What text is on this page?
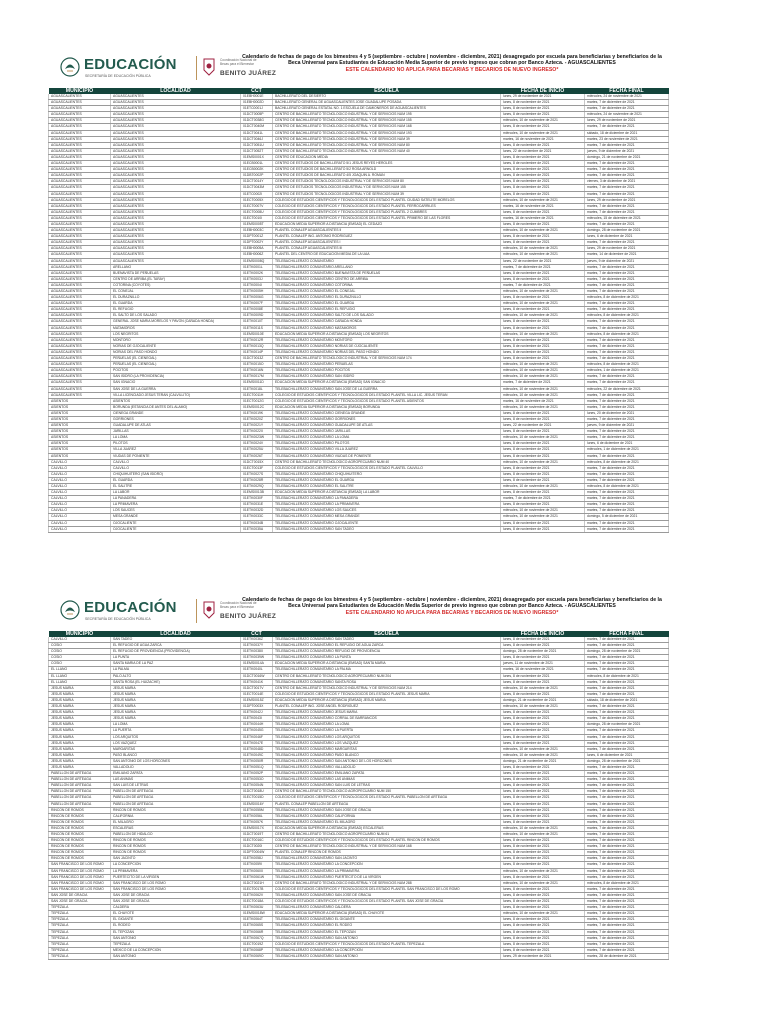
EDUCACIÓN
SECRETARÍA DE EDUCACIÓN PÚBLICA
Coordinación Nacional de Becas para el Bienestar
BENITO JUÁREZ
Calendario de fechas de pago de los bimestres 4 y 5 (septiembre - octubre | noviembre - diciembre, 2021) desagregado por escuela para beneficiarias y beneficiarios de la Beca Universal para Estudiantes de Educación Media Superior de previo ingreso que cobran por Banco Azteca. - AGUASCALIENTES
ESTE CALENDARIO NO APLICA PARA BECARIAS Y BECARIOS DE NUEVO INGRESO*
MUNICIPIO	LOCALIDAD	CCT	ESCUELA	FECHA DE INICIO	FECHA FINAL
AGUASCALIENTES	AGUASCALIENTES	01EBH0001E	BACHILLERATO DEL DESIERTO	lunes, 29 de noviembre de 2021	miércoles, 24 de noviembre de 2021
AGUASCALIENTES	AGUASCALIENTES	01EBH0002D	BACHILLERATO GENERAL DE AGUASCALIENTES JOSE GUADALUPE POSADA	lunes, 8 de noviembre de 2021	martes, 7 de diciembre de 2021
AGUASCALIENTES	AGUASCALIENTES	01ETC0001J	BACHILLERATO GENERAL ESTATAL NO. 1 ESCUELA DE CAMIONEROS DE AGUASCALIENTES	lunes, 8 de noviembre de 2021	martes, 7 de diciembre de 2021
AGUASCALIENTES	AGUASCALIENTES	01DCT0005P	CENTRO DE BACHILLERATO TECNOLOGICO INDUSTRIAL Y DE SERVICIOS NUM 195	lunes, 8 de noviembre de 2021	miércoles, 24 de noviembre de 2021
AGUASCALIENTES	AGUASCALIENTES	01DCT0038G	CENTRO DE BACHILLERATO TECNOLOGICO INDUSTRIAL Y DE SERVICIOS NUM 155	miércoles, 10 de noviembre de 2021	lunes, 29 de noviembre de 2021
AGUASCALIENTES	AGUASCALIENTES	01DCT0040M	CENTRO DE BACHILLERATO TECNOLOGICO INDUSTRIAL Y DE SERVICIOS NUM 168	lunes, 8 de noviembre de 2021	martes, 7 de diciembre de 2021
AGUASCALIENTES	AGUASCALIENTES	01DCT0041L	CENTRO DE BACHILLERATO TECNOLOGICO INDUSTRIAL Y DE SERVICIOS NUM 193	miércoles, 10 de noviembre de 2021	sábado, 18 de diciembre de 2021
AGUASCALIENTES	AGUASCALIENTES	01DCT0046J	CENTRO DE BACHILLERATO TECNOLOGICO INDUSTRIAL Y DE SERVICIOS NUM 39	martes, 16 de noviembre de 2021	martes, 23 de noviembre de 2021
AGUASCALIENTES	AGUASCALIENTES	01DCT0051U	CENTRO DE BACHILLERATO TECNOLOGICO INDUSTRIAL Y DE SERVICIOS NUM 80	lunes, 8 de noviembre de 2021	martes, 7 de diciembre de 2021
AGUASCALIENTES	AGUASCALIENTES	01DCT0052T	CENTRO DE BACHILLERATO TECNOLOGICO INDUSTRIAL Y DE SERVICIOS NUM 40	lunes, 22 de noviembre de 2021	jueves, 9 de diciembre de 2021
AGUASCALIENTES	AGUASCALIENTES	01EMS0001X	CENTRO DE EDUCACION MEDIA	lunes, 8 de noviembre de 2021	domingo, 21 de noviembre de 2021
AGUASCALIENTES	AGUASCALIENTES	01ECB0001L	CENTRO DE ESTUDIOS DE BACHILLERATO 5/1 JESUS REYES HEROLES	lunes, 8 de noviembre de 2021	martes, 7 de diciembre de 2021
AGUASCALIENTES	AGUASCALIENTES	01ECB0002K	CENTRO DE ESTUDIOS DE BACHILLERATO 5/2 ROSA ARNOLD	lunes, 8 de noviembre de 2021	martes, 7 de diciembre de 2021
AGUASCALIENTES	AGUASCALIENTES	01DBT0002P	CENTRO DE ESTUDIOS DE BACHILLERATO 4/5 JOAQUIN A. ROMAN	lunes, 8 de noviembre de 2021	martes, 7 de diciembre de 2021
AGUASCALIENTES	AGUASCALIENTES	01DCT0014Y	CENTRO DE ESTUDIOS TECNOLOGICOS INDUSTRIAL Y DE SERVICIOS NUM 80	lunes, 8 de noviembre de 2021	viernes, 3 de diciembre de 2021
AGUASCALIENTES	AGUASCALIENTES	01DCT0043M	CENTRO DE ESTUDIOS TECNOLOGICOS INDUSTRIAL Y DE SERVICIOS NUM 155	lunes, 8 de noviembre de 2021	martes, 7 de diciembre de 2021
AGUASCALIENTES	AGUASCALIENTES	01ETC0002I	CENTRO DE ESTUDIOS TECNOLOGICOS INDUSTRIAL Y DE SERVICIOS NUM 39	lunes, 8 de noviembre de 2021	martes, 7 de diciembre de 2021
AGUASCALIENTES	AGUASCALIENTES	01ECT0005X	COLEGIO DE ESTUDIOS CIENTIFICOS Y TECNOLOGICOS DEL ESTADO PLANTEL CIUDAD SATELITE MORELOS	miércoles, 10 de noviembre de 2021	lunes, 29 de noviembre de 2021
AGUASCALIENTES	AGUASCALIENTES	01ECT0007V	COLEGIO DE ESTUDIOS CIENTIFICOS Y TECNOLOGICOS DEL ESTADO PLANTEL FERROCARRILES	martes, 16 de noviembre de 2021	martes, 7 de diciembre de 2021
AGUASCALIENTES	AGUASCALIENTES	01ECT0008U	COLEGIO DE ESTUDIOS CIENTIFICOS Y TECNOLOGICOS DEL ESTADO PLANTEL 2 CUMBRES	lunes, 8 de noviembre de 2021	martes, 7 de diciembre de 2021
AGUASCALIENTES	AGUASCALIENTES	01ECT0010I	COLEGIO DE ESTUDIOS CIENTIFICOS Y TECNOLOGICOS DEL ESTADO PLANTEL PRIMERO DE LAS FLORES	martes, 16 de noviembre de 2021	miércoles, 15 de diciembre de 2021
AGUASCALIENTES	AGUASCALIENTES	01EMS0005T	EDUCACION MEDIA SUPERIOR A DISTANCIA (EMSAD) EL CEDAZO	lunes, 8 de noviembre de 2021	martes, 7 de diciembre de 2021
AGUASCALIENTES	AGUASCALIENTES	01EBH0003C	PLANTEL CONALEP AGUASCALIENTES II	miércoles, 10 de noviembre de 2021	domingo, 28 de noviembre de 2021
AGUASCALIENTES	AGUASCALIENTES	01DPT0001Z	PLANTEL CONALEP ING. ANTONIO RODRIGUEZ	lunes, 8 de noviembre de 2021	lunes, 6 de diciembre de 2021
AGUASCALIENTES	AGUASCALIENTES	01DPT0002Y	PLANTEL CONALEP AGUASCALIENTES I	lunes, 8 de noviembre de 2021	martes, 7 de diciembre de 2021
AGUASCALIENTES	AGUASCALIENTES	01EBH0005A	PLANTEL CONALEP AGUASCALIENTES III	miércoles, 10 de noviembre de 2021	lunes, 29 de noviembre de 2021
AGUASCALIENTES	AGUASCALIENTES	01EBH0006Z	PLANTEL DEL CENTRO DE EDUCACION MEDIA DE LA UAA	miércoles, 10 de noviembre de 2021	martes, 14 de diciembre de 2021
AGUASCALIENTES	AGUASCALIENTES	01EMS0008Q	TELEBACHILLERATO COMUNITARIO	lunes, 22 de noviembre de 2021	jueves, 9 de diciembre de 2021
AGUASCALIENTES	ARELLANO	01ETK0001L	TELEBACHILLERATO COMUNITARIO ARELLANO	martes, 7 de diciembre de 2021	martes, 7 de diciembre de 2021
AGUASCALIENTES	BUENAVISTA DE PEÑUELAS	01ETK0002K	TELEBACHILLERATO COMUNITARIO BUENAVISTA DE PEÑUELAS	lunes, 8 de noviembre de 2021	martes, 7 de diciembre de 2021
AGUASCALIENTES	CENTRO DE ARRIBA (EL TARAY)	01ETK0003J	TELEBACHILLERATO COMUNITARIO CENTRO DE ARRIBA	lunes, 8 de noviembre de 2021	martes, 7 de diciembre de 2021
AGUASCALIENTES	COTORINA (COYOTES)	01ETK0004I	TELEBACHILLERATO COMUNITARIO COTORINA	martes, 7 de diciembre de 2021	martes, 7 de diciembre de 2021
AGUASCALIENTES	EL CONEJAL	01ETK0005H	TELEBACHILLERATO COMUNITARIO EL CONEJAL	miércoles, 10 de noviembre de 2021	martes, 7 de diciembre de 2021
AGUASCALIENTES	EL DURAZNILLO	01ETK0006G	TELEBACHILLERATO COMUNITARIO EL DURAZNILLO	lunes, 8 de noviembre de 2021	miércoles, 8 de diciembre de 2021
AGUASCALIENTES	EL GUARDA	01ETK0007F	TELEBACHILLERATO COMUNITARIO EL GUARDA	miércoles, 10 de noviembre de 2021	martes, 7 de diciembre de 2021
AGUASCALIENTES	EL REFUGIO	01ETK0008E	TELEBACHILLERATO COMUNITARIO EL REFUGIO	lunes, 8 de noviembre de 2021	martes, 7 de diciembre de 2021
AGUASCALIENTES	EL SALTO DE LOS SALADO	01ETK0009D	TELEBACHILLERATO COMUNITARIO SALTO DE LOS SALADO	miércoles, 10 de noviembre de 2021	miércoles, 8 de diciembre de 2021
AGUASCALIENTES	GENERAL JOSE MARIA MORELOS Y PAVON (CAÑADA HONDA)	01ETK0010T	TELEBACHILLERATO COMUNITARIO CAÑADA HONDA	lunes, 8 de noviembre de 2021	martes, 7 de diciembre de 2021
AGUASCALIENTES	MATAMOROS	01ETK0011S	TELEBACHILLERATO COMUNITARIO MATAMOROS	lunes, 8 de noviembre de 2021	martes, 7 de diciembre de 2021
AGUASCALIENTES	LOS NEGRITOS	01EMS0010E	EDUCACION MEDIA SUPERIOR A DISTANCIA (EMSAD) LOS NEGRITOS	miércoles, 10 de noviembre de 2021	miércoles, 8 de diciembre de 2021
AGUASCALIENTES	MONTORO	01ETK0012R	TELEBACHILLERATO COMUNITARIO MONTORO	lunes, 8 de noviembre de 2021	martes, 7 de diciembre de 2021
AGUASCALIENTES	NORIAS DE OJOCALIENTE	01ETK0013Q	TELEBACHILLERATO COMUNITARIO NORIAS DE OJOCALIENTE	lunes, 8 de noviembre de 2021	martes, 7 de diciembre de 2021
AGUASCALIENTES	NORIAS DEL PASO HONDO	01ETK0014P	TELEBACHILLERATO COMUNITARIO NORIAS DEL PASO HONDO	lunes, 8 de noviembre de 2021	martes, 7 de diciembre de 2021
AGUASCALIENTES	PEÑUELAS (EL CIENEGAL)	01DCT0013Z	CENTRO DE BACHILLERATO TECNOLOGICO INDUSTRIAL Y DE SERVICIOS NUM 174	lunes, 8 de noviembre de 2021	martes, 7 de diciembre de 2021
AGUASCALIENTES	PEÑUELAS (EL CIENEGAL)	01ETK0015O	TELEBACHILLERATO COMUNITARIO PEÑUELAS	miércoles, 10 de noviembre de 2021	miércoles, 8 de diciembre de 2021
AGUASCALIENTES	POCITOS	01ETK0016N	TELEBACHILLERATO COMUNITARIO POCITOS	miércoles, 10 de noviembre de 2021	miércoles, 1 de diciembre de 2021
AGUASCALIENTES	SAN ISIDRO (LA PROVIDENCIA)	01ETK0017M	TELEBACHILLERATO COMUNITARIO SAN ISIDRO	miércoles, 10 de noviembre de 2021	martes, 7 de diciembre de 2021
AGUASCALIENTES	SAN IGNACIO	01EMS0011D	EDUCACION MEDIA SUPERIOR A DISTANCIA (EMSAD) SAN IGNACIO	martes, 7 de diciembre de 2021	martes, 7 de diciembre de 2021
AGUASCALIENTES	SAN JOSE DE LA GUERRA	01ETK0018L	TELEBACHILLERATO COMUNITARIO SAN JOSE DE LA GUERRA	miércoles, 10 de noviembre de 2021	miércoles, 22 de diciembre de 2021
AGUASCALIENTES	VILLA LICENCIADO JESUS TERAN (CALVILLITO)	01ECT0011H	COLEGIO DE ESTUDIOS CIENTIFICOS Y TECNOLOGICOS DEL ESTADO PLANTEL VILLA LIC. JESUS TERAN	miércoles, 10 de noviembre de 2021	martes, 7 de diciembre de 2021
ASIENTOS	ASIENTOS	01ECT0012G	COLEGIO DE ESTUDIOS CIENTIFICOS Y TECNOLOGICOS DEL ESTADO PLANTEL ASIENTOS	martes, 16 de noviembre de 2021	martes, 7 de diciembre de 2021
ASIENTOS	BORUNDA (ESTANCIA DE ANTES DEL ALAMO)	01EMS0012C	EDUCACION MEDIA SUPERIOR A DISTANCIA (EMSAD) BORUNDA	miércoles, 10 de noviembre de 2021	martes, 7 de diciembre de 2021
ASIENTOS	CIENEGA GRANDE	01ETK0019K	TELEBACHILLERATO COMUNITARIO CIENEGA GRANDE	lunes, 8 de noviembre de 2021	lunes, 20 de diciembre de 2021
ASIENTOS	GORRIONES	01ETK0020Z	TELEBACHILLERATO COMUNITARIO GORRIONES	lunes, 8 de noviembre de 2021	martes, 7 de diciembre de 2021
ASIENTOS	GUADALUPE DE ATLAS	01ETK0021Y	TELEBACHILLERATO COMUNITARIO GUADALUPE DE ATLAS	lunes, 22 de noviembre de 2021	jueves, 9 de diciembre de 2021
ASIENTOS	JARILLAS	01ETK0022X	TELEBACHILLERATO COMUNITARIO JARILLAS	lunes, 8 de noviembre de 2021	martes, 7 de diciembre de 2021
ASIENTOS	LA LOMA	01ETK0023W	TELEBACHILLERATO COMUNITARIO LA LOMA	miércoles, 10 de noviembre de 2021	martes, 7 de diciembre de 2021
ASIENTOS	PILOTOS	01ETK0024V	TELEBACHILLERATO COMUNITARIO PILOTOS	lunes, 8 de noviembre de 2021	lunes, 6 de diciembre de 2021
ASIENTOS	VILLA JUAREZ	01ETK0025U	TELEBACHILLERATO COMUNITARIO VILLA JUAREZ	lunes, 8 de noviembre de 2021	miércoles, 1 de diciembre de 2021
ASIENTOS	VIUDAS DE PONIENTE	01ETK0026T	TELEBACHILLERATO COMUNITARIO VIUDAS DE PONIENTE	lunes, 8 de noviembre de 2021	martes, 7 de diciembre de 2021
CALVILLO	CALVILLO	01DCT0015X	CENTRO DE BACHILLERATO TECNOLOGICO AGROPECUARIO NUM 40	miércoles, 10 de noviembre de 2021	miércoles, 8 de diciembre de 2021
CALVILLO	CALVILLO	01ECT0013F	COLEGIO DE ESTUDIOS CIENTIFICOS Y TECNOLOGICOS DEL ESTADO PLANTEL CALVILLO	lunes, 8 de noviembre de 2021	martes, 7 de diciembre de 2021
CALVILLO	CHIQUIHUITERO (SAN ISIDRO)	01ETK0027S	TELEBACHILLERATO COMUNITARIO CHIQUIHUITERO	lunes, 8 de noviembre de 2021	martes, 7 de diciembre de 2021
CALVILLO	EL GUARDA	01ETK0028R	TELEBACHILLERATO COMUNITARIO EL GUARDA	lunes, 8 de noviembre de 2021	martes, 7 de diciembre de 2021
CALVILLO	EL SALITRE	01ETK0029Q	TELEBACHILLERATO COMUNITARIO EL SALITRE	miércoles, 10 de noviembre de 2021	miércoles, 8 de diciembre de 2021
CALVILLO	LA LABOR	01EMS0013B	EDUCACION MEDIA SUPERIOR A DISTANCIA (EMSAD) LA LABOR	lunes, 8 de noviembre de 2021	martes, 7 de diciembre de 2021
CALVILLO	LA PANADERA	01ETK0030F	TELEBACHILLERATO COMUNITARIO LA PANADERA	martes, 7 de diciembre de 2021	martes, 7 de diciembre de 2021
CALVILLO	LA PRIMAVERA	01ETK0031E	TELEBACHILLERATO COMUNITARIO LA PRIMAVERA	lunes, 8 de noviembre de 2021	martes, 7 de diciembre de 2021
CALVILLO	LOS SAUCES	01ETK0032D	TELEBACHILLERATO COMUNITARIO LOS SAUCES	miércoles, 10 de noviembre de 2021	martes, 7 de diciembre de 2021
CALVILLO	MESA GRANDE	01ETK0033C	TELEBACHILLERATO COMUNITARIO MESA GRANDE	miércoles, 10 de noviembre de 2021	domingo, 5 de diciembre de 2021
CALVILLO	OJOCALIENTE	01ETK0034B	TELEBACHILLERATO COMUNITARIO OJOCALIENTE	lunes, 8 de noviembre de 2021	martes, 7 de diciembre de 2021
CALVILLO	OJOCALIENTE	01ETK0035A	TELEBACHILLERATO COMUNITARIO SAN TADEO	lunes, 8 de noviembre de 2021	martes, 7 de diciembre de 2021
EDUCACIÓN
SECRETARÍA DE EDUCACIÓN PÚBLICA
Coordinación Nacional de Becas para el Bienestar
BENITO JUÁREZ
Calendario de fechas de pago de los bimestres 4 y 5 (septiembre - octubre | noviembre - diciembre, 2021) desagregado por escuela para beneficiarias y beneficiarios de la Beca Universal para Estudiantes de Educación Media Superior de previo ingreso que cobran por Banco Azteca. - AGUASCALIENTES
ESTE CALENDARIO NO APLICA PARA BECARIAS Y BECARIOS DE NUEVO INGRESO*
MUNICIPIO	LOCALIDAD	CCT	ESCUELA	FECHA DE INICIO	FECHA FINAL
CALVILLO	SAN TADEO	01ETK0036Z	TELEBACHILLERATO COMUNITARIO SAN TADEO	lunes, 8 de noviembre de 2021	martes, 7 de diciembre de 2021
COSIO	EL REFUGIO DE AGUA ZARCA	01ETK0037Y	TELEBACHILLERATO COMUNITARIO EL REFUGIO DE AGUA ZARCA	lunes, 8 de noviembre de 2021	martes, 7 de diciembre de 2021
COSIO	EL REFUGIO DE PROVIDENCIA (PROVIDENCIA)	01ETK0038X	TELEBACHILLERATO COMUNITARIO REFUGIO DE PROVIDENCIA	domingo, 28 de noviembre de 2021	domingo, 28 de noviembre de 2021
COSIO	LA PUNTA	01ETK0039W	TELEBACHILLERATO COMUNITARIO LA PUNTA	lunes, 8 de noviembre de 2021	martes, 7 de diciembre de 2021
COSIO	SANTA MARIA DE LA PAZ	01EMS0014A	EDUCACION MEDIA SUPERIOR A DISTANCIA (EMSAD) SANTA MARIA	jueves, 11 de noviembre de 2021	martes, 7 de diciembre de 2021
EL LLANO	LA PALMA	01ETK0040L	TELEBACHILLERATO COMUNITARIO LA PALMA	martes, 16 de noviembre de 2021	martes, 7 de diciembre de 2021
EL LLANO	PALO ALTO	01DCT0016W	CENTRO DE BACHILLERATO TECNOLOGICO AGROPECUARIO NUM 204	lunes, 8 de noviembre de 2021	miércoles, 8 de diciembre de 2021
EL LLANO	SANTA ROSA (EL HUIZACHE)	01ETK0041K	TELEBACHILLERATO COMUNITARIO SANTA ROSA	lunes, 8 de noviembre de 2021	martes, 7 de diciembre de 2021
JESUS MARIA	JESUS MARIA	01DCT0017V	CENTRO DE BACHILLERATO TECNOLOGICO INDUSTRIAL Y DE SERVICIOS NUM 214	miércoles, 10 de noviembre de 2021	martes, 7 de diciembre de 2021
JESUS MARIA	JESUS MARIA	01ECT0014E	COLEGIO DE ESTUDIOS CIENTIFICOS Y TECNOLOGICOS DEL ESTADO PLANTEL JESUS MARIA	lunes, 8 de noviembre de 2021	martes, 7 de diciembre de 2021
JESUS MARIA	JESUS MARIA	01EMS0015Z	EDUCACION MEDIA SUPERIOR A DISTANCIA (EMSAD) JESUS MARIA	domingo, 21 de noviembre de 2021	sábado, 18 de diciembre de 2021
JESUS MARIA	JESUS MARIA	01DPT0003X	PLANTEL CONALEP ING. JOSE ANGEL RODRIGUEZ	miércoles, 10 de noviembre de 2021	martes, 7 de diciembre de 2021
JESUS MARIA	JESUS MARIA	01ETK0042J	TELEBACHILLERATO COMUNITARIO JESUS MARIA	lunes, 8 de noviembre de 2021	martes, 7 de diciembre de 2021
JESUS MARIA	JESUS MARIA	01ETK0043I	TELEBACHILLERATO COMUNITARIO CORRAL DE BARRANCOS	lunes, 8 de noviembre de 2021	martes, 7 de diciembre de 2021
JESUS MARIA	LA LOMA	01ETK0044H	TELEBACHILLERATO COMUNITARIO LA LOMA	lunes, 8 de noviembre de 2021	domingo, 28 de noviembre de 2021
JESUS MARIA	LA PUERTA	01ETK0045G	TELEBACHILLERATO COMUNITARIO LA PUERTA	lunes, 8 de noviembre de 2021	martes, 7 de diciembre de 2021
JESUS MARIA	LOS ARQUITOS	01ETK0046F	TELEBACHILLERATO COMUNITARIO LOS ARQUITOS	lunes, 8 de noviembre de 2021	martes, 7 de diciembre de 2021
JESUS MARIA	LOS VAZQUEZ	01ETK0047E	TELEBACHILLERATO COMUNITARIO LOS VAZQUEZ	lunes, 8 de noviembre de 2021	martes, 7 de diciembre de 2021
JESUS MARIA	MARGARITAS	01ETK0048D	TELEBACHILLERATO COMUNITARIO MARGARITAS	miércoles, 10 de noviembre de 2021	martes, 7 de diciembre de 2021
JESUS MARIA	PASO BLANCO	01ETK0049C	TELEBACHILLERATO COMUNITARIO PASO BLANCO	miércoles, 10 de noviembre de 2021	lunes, 6 de diciembre de 2021
JESUS MARIA	SAN ANTONIO DE LOS HORCONES	01ETK0050R	TELEBACHILLERATO COMUNITARIO SAN ANTONIO DE LOS HORCONES	domingo, 21 de noviembre de 2021	domingo, 28 de noviembre de 2021
JESUS MARIA	VALLADOLID	01ETK0051Q	TELEBACHILLERATO COMUNITARIO VALLADOLID	lunes, 8 de noviembre de 2021	martes, 7 de diciembre de 2021
PABELLON DE ARTEAGA	EMILIANO ZAPATA	01ETK0052P	TELEBACHILLERATO COMUNITARIO EMILIANO ZAPATA	lunes, 8 de noviembre de 2021	martes, 7 de diciembre de 2021
PABELLON DE ARTEAGA	LAS ANIMAS	01ETK0053O	TELEBACHILLERATO COMUNITARIO LAS ANIMAS	lunes, 8 de noviembre de 2021	martes, 7 de diciembre de 2021
PABELLON DE ARTEAGA	SAN LUIS DE LETRAS	01ETK0054N	TELEBACHILLERATO COMUNITARIO SAN LUIS DE LETRAS	lunes, 8 de noviembre de 2021	martes, 7 de diciembre de 2021
PABELLON DE ARTEAGA	PABELLON DE ARTEAGA	01DCT0018U	CENTRO DE BACHILLERATO TECNOLOGICO AGROPECUARIO NUM 150	lunes, 8 de noviembre de 2021	martes, 7 de diciembre de 2021
PABELLON DE ARTEAGA	PABELLON DE ARTEAGA	01ECT0015D	COLEGIO DE ESTUDIOS CIENTIFICOS Y TECNOLOGICOS DEL ESTADO PLANTEL PABELLON DE ARTEAGA	lunes, 8 de noviembre de 2021	martes, 7 de diciembre de 2021
PABELLON DE ARTEAGA	PABELLON DE ARTEAGA	01EMS0016Y	PLANTEL CONALEP PABELLON DE ARTEAGA	lunes, 8 de noviembre de 2021	martes, 7 de diciembre de 2021
RINCON DE ROMOS	RINCON DE ROMOS	01ETK0055M	TELEBACHILLERATO COMUNITARIO SAN JOSE DE GRACIA	lunes, 8 de noviembre de 2021	martes, 7 de diciembre de 2021
RINCON DE ROMOS	CALIFORNIA	01ETK0056L	TELEBACHILLERATO COMUNITARIO CALIFORNIA	lunes, 8 de noviembre de 2021	martes, 7 de diciembre de 2021
RINCON DE ROMOS	EL MILAGRO	01ETK0057K	TELEBACHILLERATO COMUNITARIO EL MILAGRO	lunes, 8 de noviembre de 2021	martes, 7 de diciembre de 2021
RINCON DE ROMOS	ESCALERAS	01EMS0017X	EDUCACION MEDIA SUPERIOR A DISTANCIA (EMSAD) ESCALERAS	miércoles, 10 de noviembre de 2021	martes, 7 de diciembre de 2021
RINCON DE ROMOS	PABELLON DE HIDALGO	01DCT0019T	CENTRO DE BACHILLERATO TECNOLOGICO AGROPECUARIO NUM 61	miércoles, 10 de noviembre de 2021	martes, 7 de diciembre de 2021
RINCON DE ROMOS	RINCON DE ROMOS	01ECT0016C	COLEGIO DE ESTUDIOS CIENTIFICOS Y TECNOLOGICOS DEL ESTADO PLANTEL RINCON DE ROMOS	lunes, 8 de noviembre de 2021	martes, 7 de diciembre de 2021
RINCON DE ROMOS	RINCON DE ROMOS	01DCT0020I	CENTRO DE BACHILLERATO TECNOLOGICO INDUSTRIAL Y DE SERVICIOS NUM 168	lunes, 8 de noviembre de 2021	martes, 7 de diciembre de 2021
RINCON DE ROMOS	RINCON DE ROMOS	01DPT0004W	PLANTEL CONALEP RINCON DE ROMOS	lunes, 8 de noviembre de 2021	martes, 7 de diciembre de 2021
RINCON DE ROMOS	SAN JACINTO	01ETK0058J	TELEBACHILLERATO COMUNITARIO SAN JACINTO	lunes, 8 de noviembre de 2021	martes, 7 de diciembre de 2021
SAN FRANCISCO DE LOS ROMO	LA CONCEPCION	01ETK0059I	TELEBACHILLERATO COMUNITARIO LA CONCEPCION	lunes, 8 de noviembre de 2021	martes, 7 de diciembre de 2021
SAN FRANCISCO DE LOS ROMO	LA PRIMAVERA	01ETK0060X	TELEBACHILLERATO COMUNITARIO LA PRIMAVERA	miércoles, 10 de noviembre de 2021	martes, 7 de diciembre de 2021
SAN FRANCISCO DE LOS ROMO	PUERTECITO DE LA VIRGEN	01ETK0061W	TELEBACHILLERATO COMUNITARIO PUERTECITO DE LA VIRGEN	lunes, 8 de noviembre de 2021	martes, 7 de diciembre de 2021
SAN FRANCISCO DE LOS ROMO	SAN FRANCISCO DE LOS ROMO	01DCT0021H	CENTRO DE BACHILLERATO TECNOLOGICO INDUSTRIAL Y DE SERVICIOS NUM 288	miércoles, 10 de noviembre de 2021	miércoles, 8 de diciembre de 2021
SAN FRANCISCO DE LOS ROMO	SAN FRANCISCO DE LOS ROMO	01ECT0017B	COLEGIO DE ESTUDIOS CIENTIFICOS Y TECNOLOGICOS DEL ESTADO PLANTEL SAN FRANCISCO DE LOS ROMO	lunes, 8 de noviembre de 2021	martes, 7 de diciembre de 2021
SAN JOSE DE GRACIA	SAN JOSE DE GRACIA	01ETK0062V	TELEBACHILLERATO COMUNITARIO SAN JOSE DE GRACIA	lunes, 8 de noviembre de 2021	martes, 7 de diciembre de 2021
SAN JOSE DE GRACIA	SAN JOSE DE GRACIA	01ECT0018A	COLEGIO DE ESTUDIOS CIENTIFICOS Y TECNOLOGICOS DEL ESTADO PLANTEL SAN JOSE DE GRACIA	lunes, 8 de noviembre de 2021	martes, 7 de diciembre de 2021
TEPEZALA	CALDERA	01ETK0063U	TELEBACHILLERATO COMUNITARIO CALDERA	lunes, 8 de noviembre de 2021	martes, 7 de diciembre de 2021
TEPEZALA	EL CHAYOTE	01EMS0018W	EDUCACION MEDIA SUPERIOR A DISTANCIA (EMSAD) EL CHAYOTE	miércoles, 10 de noviembre de 2021	martes, 7 de diciembre de 2021
TEPEZALA	EL GIGANTE	01ETK0064T	TELEBACHILLERATO COMUNITARIO EL GIGANTE	lunes, 8 de noviembre de 2021	martes, 7 de diciembre de 2021
TEPEZALA	EL RODEO	01ETK0065S	TELEBACHILLERATO COMUNITARIO EL RODEO	lunes, 8 de noviembre de 2021	martes, 7 de diciembre de 2021
TEPEZALA	EL TEPOZAN	01ETK0066R	TELEBACHILLERATO COMUNITARIO EL TEPOZAN	lunes, 8 de noviembre de 2021	martes, 7 de diciembre de 2021
TEPEZALA	SAN ANTONIO	01ETK0067Q	TELEBACHILLERATO COMUNITARIO SAN ANTONIO	lunes, 8 de noviembre de 2021	martes, 7 de diciembre de 2021
TEPEZALA	TEPEZALA	01ECT0019Z	COLEGIO DE ESTUDIOS CIENTIFICOS Y TECNOLOGICOS DEL ESTADO PLANTEL TEPEZALA	lunes, 8 de noviembre de 2021	martes, 7 de diciembre de 2021
TEPEZALA	MEXICO DE LA CONCEPCION	01ETK0068P	TELEBACHILLERATO COMUNITARIO LA CONCEPCION	lunes, 8 de noviembre de 2021	martes, 7 de diciembre de 2021
TEPEZALA	SAN ANTONIO	01ETK0069O	TELEBACHILLERATO COMUNITARIO SAN ANTONIO	lunes, 29 de noviembre de 2021	martes, 28 de diciembre de 2021
